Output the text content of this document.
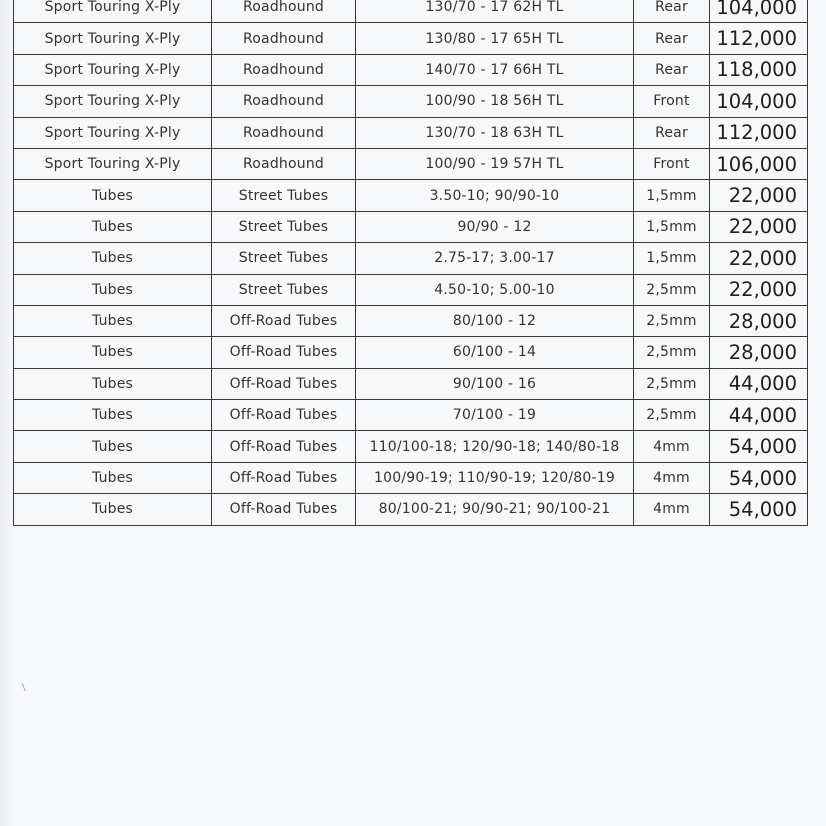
\
Sport Touring X-Ply	Roadhound	130/70 - 17 62H TL	Rear	104,000
Sport Touring X-Ply	Roadhound	130/80 - 17 65H TL	Rear	112,000
Sport Touring X-Ply	Roadhound	140/70 - 17 66H TL	Rear	118,000
Sport Touring X-Ply	Roadhound	100/90 - 18 56H TL	Front	104,000
Sport Touring X-Ply	Roadhound	130/70 - 18 63H TL	Rear	112,000
Sport Touring X-Ply	Roadhound	100/90 - 19 57H TL	Front	106,000
Tubes	Street Tubes	3.50-10; 90/90-10	1,5mm	22,000
Tubes	Street Tubes	90/90 - 12	1,5mm	22,000
Tubes	Street Tubes	2.75-17; 3.00-17	1,5mm	22,000
Tubes	Street Tubes	4.50-10; 5.00-10	2,5mm	22,000
Tubes	Off-Road Tubes	80/100 - 12	2,5mm	28,000
Tubes	Off-Road Tubes	60/100 - 14	2,5mm	28,000
Tubes	Off-Road Tubes	90/100 - 16	2,5mm	44,000
Tubes	Off-Road Tubes	70/100 - 19	2,5mm	44,000
Tubes	Off-Road Tubes	110/100-18; 120/90-18; 140/80-18	4mm	54,000
Tubes	Off-Road Tubes	100/90-19; 110/90-19; 120/80-19	4mm	54,000
Tubes	Off-Road Tubes	80/100-21; 90/90-21; 90/100-21	4mm	54,000
